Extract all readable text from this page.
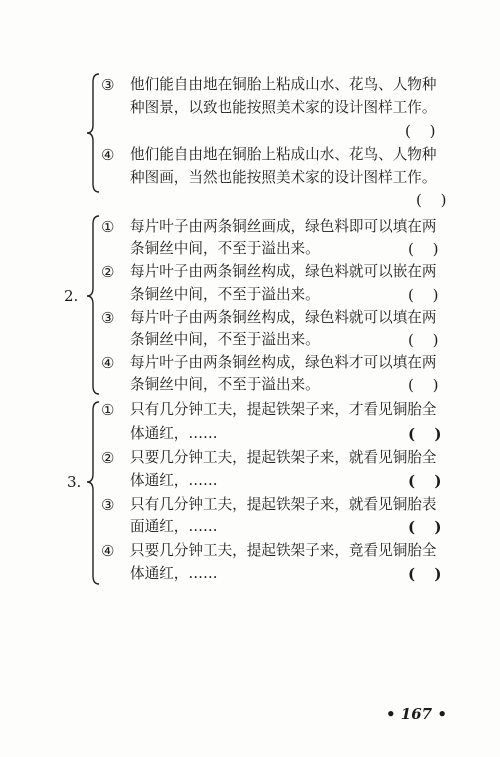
③ 他们能自由地在铜胎上粘成山水、花鸟、人物种
种图景，以致也能按照美术家的设计图样工作。
( )
④ 他们能自由地在铜胎上粘成山水、花鸟、人物种
种图画，当然也能按照美术家的设计图样工作。
( )
2.
① 每片叶子由两条铜丝画成，绿色料即可以填在两
条铜丝中间，不至于溢出来。	( )
② 每片叶子由两条铜丝构成，绿色料就可以嵌在两
条铜丝中间，不至于溢出来。	( )
③ 每片叶子由两条铜丝构成，绿色料就可以填在两
条铜丝中间，不至于溢出来。	( )
④ 每片叶子由两条铜丝构成，绿色料才可以填在两
条铜丝中间，不至于溢出来。	( )
3.
① 只有几分钟工夫，提起铁架子来，才看见铜胎全
体通红，……	( )
② 只要几分钟工夫，提起铁架子来，就看见铜胎全
体通红，……	( )
③ 只有几分钟工夫，提起铁架子来，就看见铜胎表
面通红，……	( )
④ 只要几分钟工夫，提起铁架子来，竟看见铜胎全
体通红，……	( )
• 167 •
